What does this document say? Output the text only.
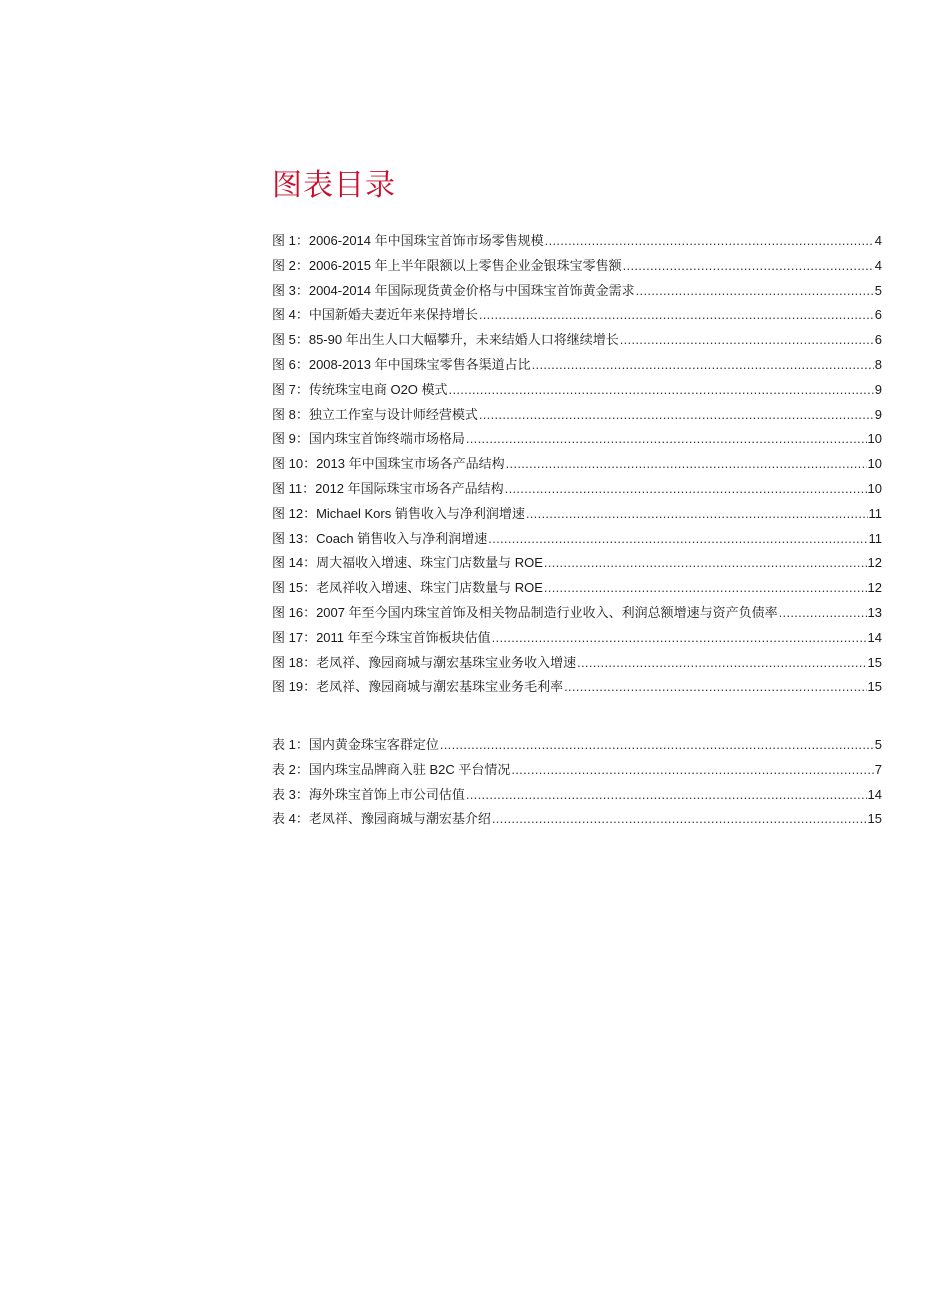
图表目录
图 1： 2006-2014 年中国珠宝首饰市场零售规模 .....	4
图 2： 2006-2015 年上半年限额以上零售企业金银珠宝零售额 .....	4
图 3： 2004-2014 年国际现货黄金价格与中国珠宝首饰黄金需求 .....	5
图 4： 中国新婚夫妻近年来保持增长 .....	6
图 5： 85-90 年出生人口大幅攀升，未来结婚人口将继续增长 .....	6
图 6： 2008-2013 年中国珠宝零售各渠道占比 .....	8
图 7： 传统珠宝电商 O2O 模式 .....	9
图 8： 独立工作室与设计师经营模式 .....	9
图 9： 国内珠宝首饰终端市场格局 .....	10
图 10： 2013 年中国珠宝市场各产品结构 .....	10
图 11： 2012 年国际珠宝市场各产品结构 .....	10
图 12： Michael Kors 销售收入与净利润增速 .....	11
图 13： Coach 销售收入与净利润增速 .....	11
图 14： 周大福收入增速、珠宝门店数量与 ROE .....	12
图 15： 老凤祥收入增速、珠宝门店数量与 ROE .....	12
图 16： 2007 年至今国内珠宝首饰及相关物品制造行业收入、利润总额增速与资产负债率 .....	13
图 17： 2011 年至今珠宝首饰板块估值 .....	14
图 18： 老凤祥、豫园商城与潮宏基珠宝业务收入增速 .....	15
图 19： 老凤祥、豫园商城与潮宏基珠宝业务毛利率 .....	15
表 1： 国内黄金珠宝客群定位 .....	5
表 2： 国内珠宝品牌商入驻 B2C 平台情况 .....	7
表 3： 海外珠宝首饰上市公司估值 .....	14
表 4： 老凤祥、豫园商城与潮宏基介绍 .....	15
